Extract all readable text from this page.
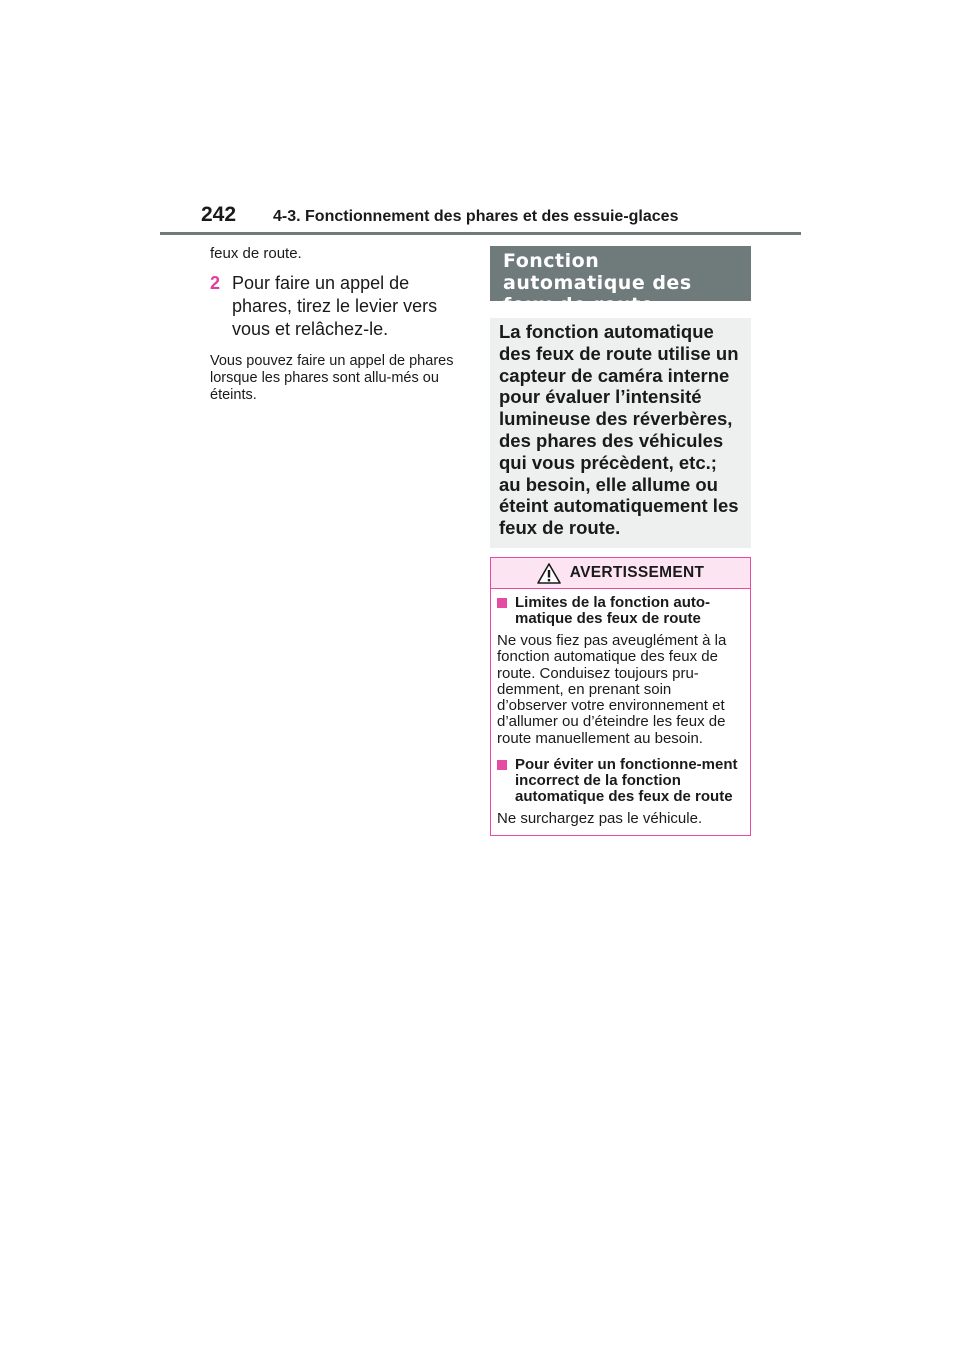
242 4-3. Fonctionnement des phares et des essuie-glaces

feux de route.

2 Pour faire un appel de phares, tirez le levier vers vous et relâchez-le.
Vous pouvez faire un appel de phares lorsque les phares sont allu-més ou éteints.
Fonction automatique des feux de route
La fonction automatique des feux de route utilise un capteur de caméra interne pour évaluer l’intensité lumineuse des réverbères, des phares des véhicules qui vous précèdent, etc.; au besoin, elle allume ou éteint automatiquement les feux de route.
AVERTISSEMENT
Limites de la fonction auto-matique des feux de route
Ne vous fiez pas aveuglément à la fonction automatique des feux de route. Conduisez toujours pru-demment, en prenant soin d’observer votre environnement et d’allumer ou d’éteindre les feux de route manuellement au besoin.
Pour éviter un fonctionne-ment incorrect de la fonction automatique des feux de route
Ne surchargez pas le véhicule.
